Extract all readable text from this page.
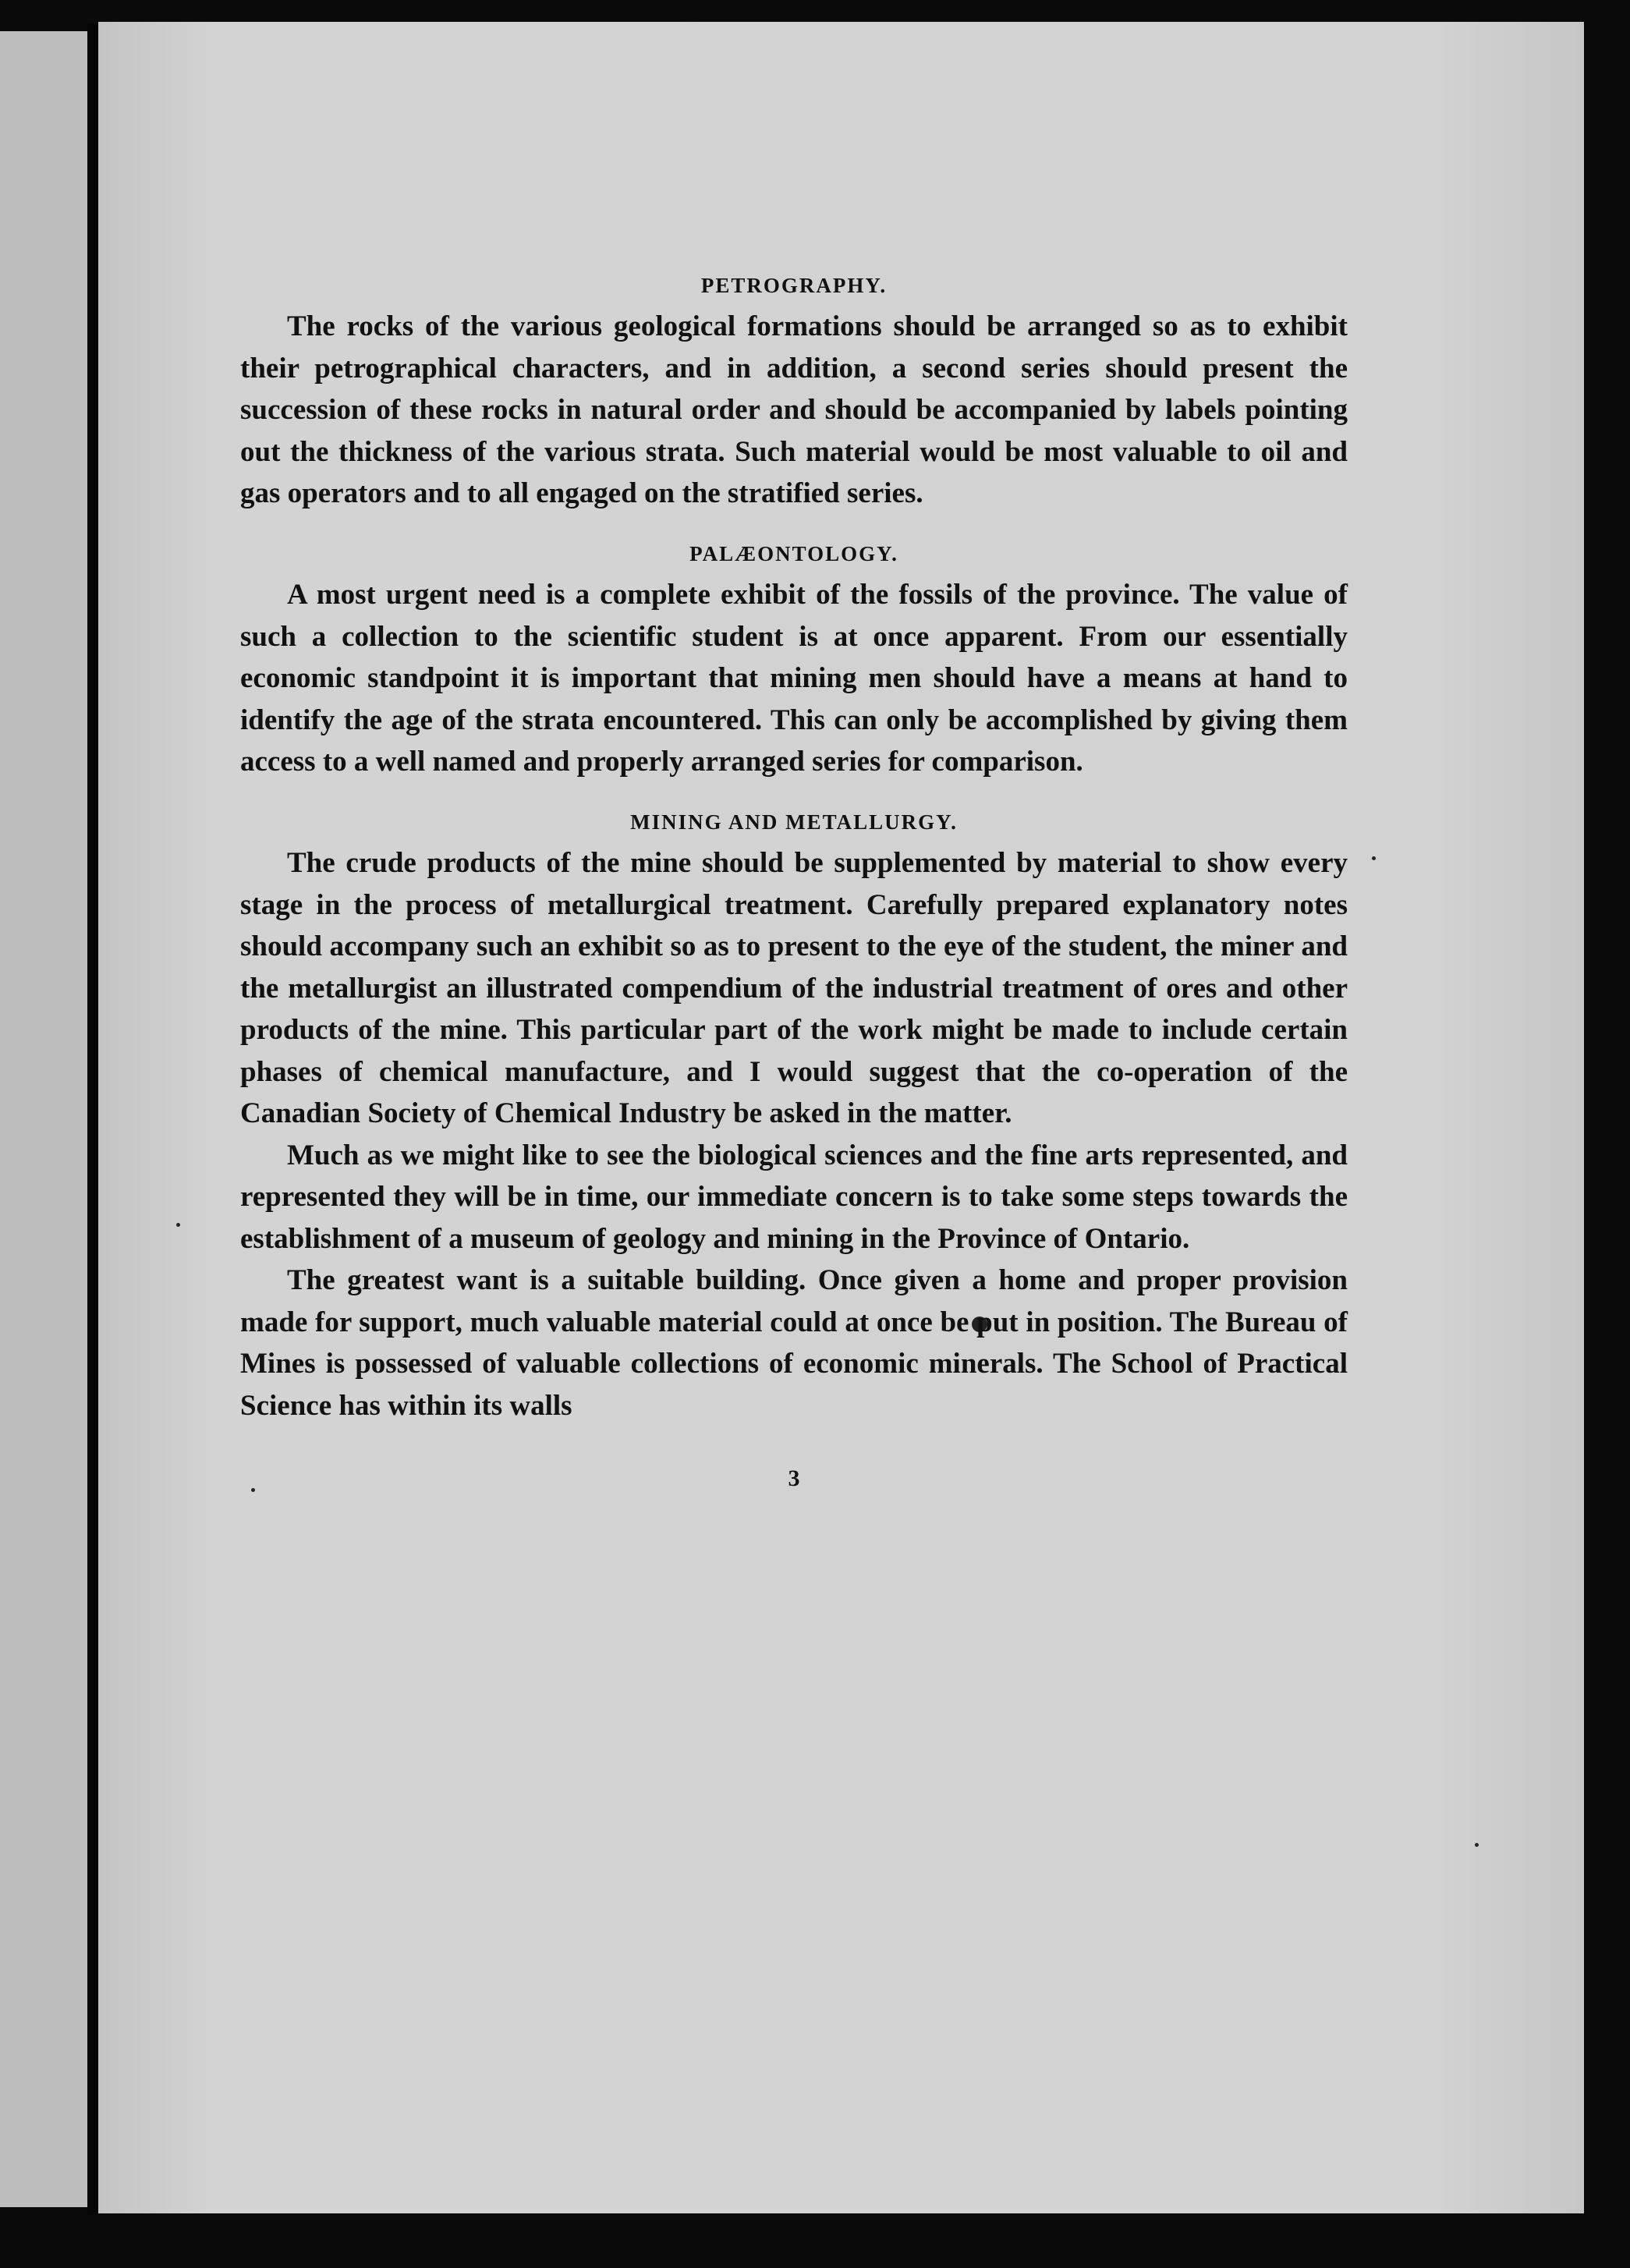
PETROGRAPHY.

The rocks of the various geological formations should be arranged so as to exhibit their petrographical characters, and in addition, a second series should present the succession of these rocks in natural order and should be accompanied by labels pointing out the thickness of the various strata. Such material would be most valuable to oil and gas operators and to all engaged on the stratified series.

PALÆONTOLOGY.

A most urgent need is a complete exhibit of the fossils of the province. The value of such a collection to the scientific student is at once apparent. From our essentially economic standpoint it is important that mining men should have a means at hand to identify the age of the strata encountered. This can only be accomplished by giving them access to a well named and properly arranged series for comparison.

MINING AND METALLURGY.

The crude products of the mine should be supplemented by material to show every stage in the process of metallurgical treatment. Carefully prepared explanatory notes should accompany such an exhibit so as to present to the eye of the student, the miner and the metallurgist an illustrated compendium of the industrial treatment of ores and other products of the mine. This particular part of the work might be made to include certain phases of chemical manufacture, and I would suggest that the co-operation of the Canadian Society of Chemical Industry be asked in the matter.

Much as we might like to see the biological sciences and the fine arts represented, and represented they will be in time, our immediate concern is to take some steps towards the establishment of a museum of geology and mining in the Province of Ontario.

The greatest want is a suitable building. Once given a home and proper provision made for support, much valuable material could at once be put in position. The Bureau of Mines is possessed of valuable collections of economic minerals. The School of Practical Science has within its walls

3
